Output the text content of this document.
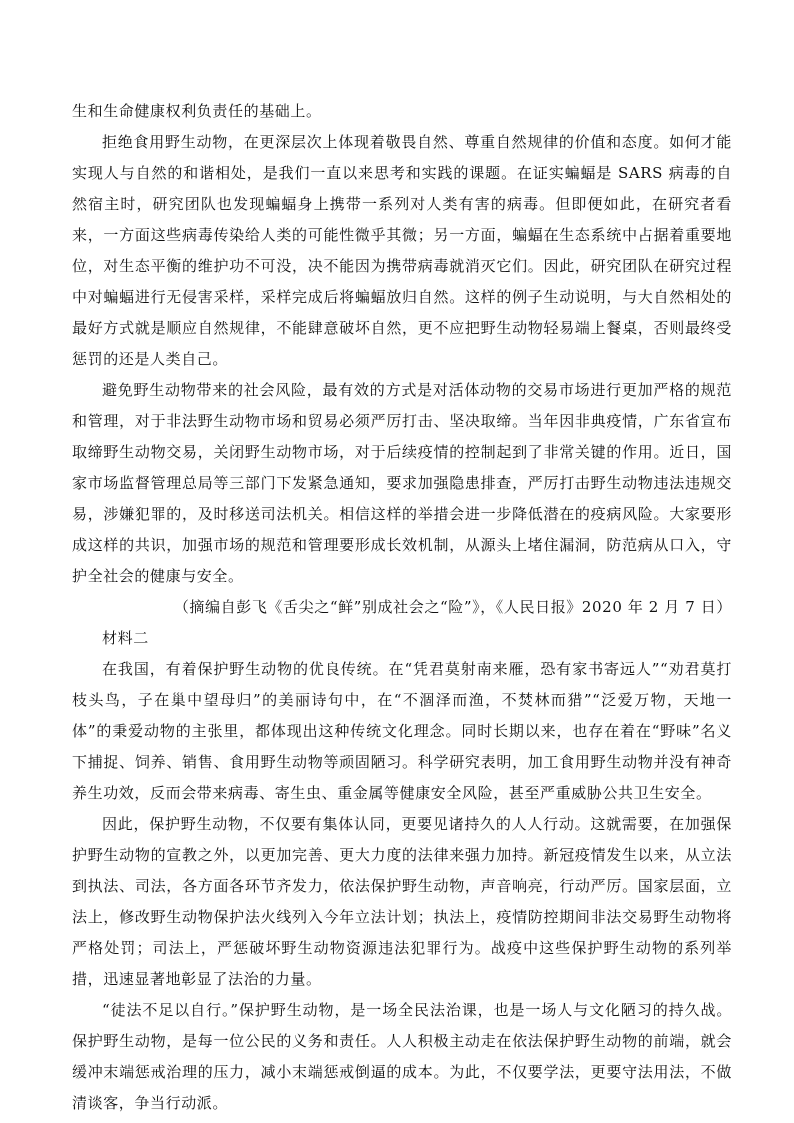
生和生命健康权利负责任的基础上。

拒绝食用野生动物，在更深层次上体现着敬畏自然、尊重自然规律的价值和态度。如何才能实现人与自然的和谐相处，是我们一直以来思考和实践的课题。在证实蝙蝠是 SARS 病毒的自然宿主时，研究团队也发现蝙蝠身上携带一系列对人类有害的病毒。但即便如此，在研究者看来，一方面这些病毒传染给人类的可能性微乎其微；另一方面，蝙蝠在生态系统中占据着重要地位，对生态平衡的维护功不可没，决不能因为携带病毒就消灭它们。因此，研究团队在研究过程中对蝙蝠进行无侵害采样，采样完成后将蝙蝠放归自然。这样的例子生动说明，与大自然相处的最好方式就是顺应自然规律，不能肆意破坏自然，更不应把野生动物轻易端上餐桌，否则最终受惩罚的还是人类自己。

避免野生动物带来的社会风险，最有效的方式是对活体动物的交易市场进行更加严格的规范和管理，对于非法野生动物市场和贸易必须严厉打击、坚决取缔。当年因非典疫情，广东省宣布取缔野生动物交易，关闭野生动物市场，对于后续疫情的控制起到了非常关键的作用。近日，国家市场监督管理总局等三部门下发紧急通知，要求加强隐患排查，严厉打击野生动物违法违规交易，涉嫌犯罪的，及时移送司法机关。相信这样的举措会进一步降低潜在的疫病风险。大家要形成这样的共识，加强市场的规范和管理要形成长效机制，从源头上堵住漏洞，防范病从口入，守护全社会的健康与安全。

（摘编自彭飞《舌尖之“鲜”别成社会之“险”》，《人民日报》2020 年 2 月 7 日）

材料二

在我国，有着保护野生动物的优良传统。在“凭君莫射南来雁，恐有家书寄远人”“劝君莫打枝头鸟，子在巢中望母归”的美丽诗句中，在“不涸泽而渔，不焚林而猎”“泛爱万物，天地一体”的秉爱动物的主张里，都体现出这种传统文化理念。同时长期以来，也存在着在“野味”名义下捕捉、饲养、销售、食用野生动物等顽固陋习。科学研究表明，加工食用野生动物并没有神奇养生功效，反而会带来病毒、寄生虫、重金属等健康安全风险，甚至严重威胁公共卫生安全。

因此，保护野生动物，不仅要有集体认同，更要见诸持久的人人行动。这就需要，在加强保护野生动物的宣教之外，以更加完善、更大力度的法律来强力加持。新冠疫情发生以来，从立法到执法、司法，各方面各环节齐发力，依法保护野生动物，声音响亮，行动严厉。国家层面，立法上，修改野生动物保护法火线列入今年立法计划；执法上，疫情防控期间非法交易野生动物将严格处罚；司法上，严惩破坏野生动物资源违法犯罪行为。战疫中这些保护野生动物的系列举措，迅速显著地彰显了法治的力量。

“徒法不足以自行。”保护野生动物，是一场全民法治课，也是一场人与文化陋习的持久战。保护野生动物，是每一位公民的义务和责任。人人积极主动走在依法保护野生动物的前端，就会缓冲末端惩戒治理的压力，减小末端惩戒倒逼的成本。为此，不仅要学法，更要守法用法，不做清谈客，争当行动派。
